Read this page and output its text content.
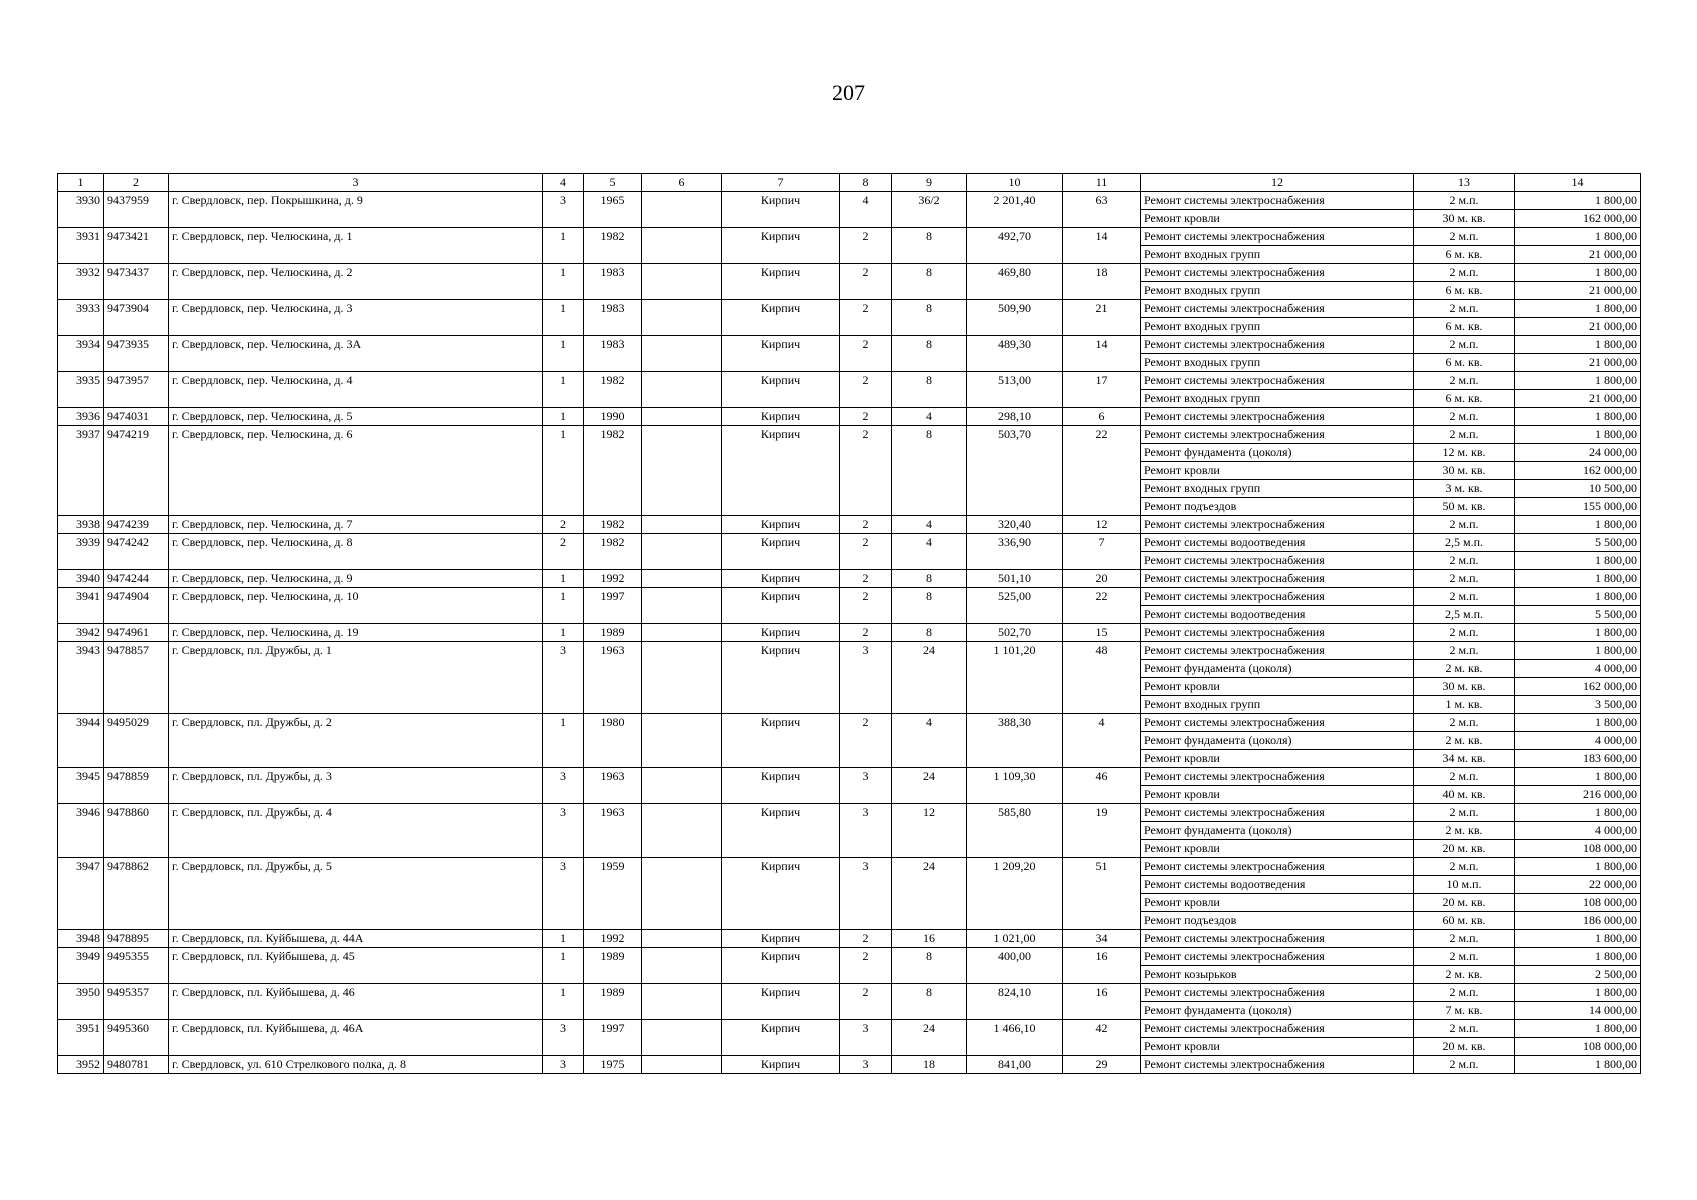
207
1	2	3	4	5	6	7	8	9	10	11	12	13	14
3930	9437959	г. Свердловск, пер. Покрышкина, д. 9	3	1965		Кирпич	4	36/2	2 201,40	63	Ремонт системы электроснабжения	2 м.п.	1 800,00
											Ремонт кровли	30 м. кв.	162 000,00
3931	9473421	г. Свердловск, пер. Челюскина, д. 1	1	1982		Кирпич	2	8	492,70	14	Ремонт системы электроснабжения	2 м.п.	1 800,00
											Ремонт входных групп	6 м. кв.	21 000,00
3932	9473437	г. Свердловск, пер. Челюскина, д. 2	1	1983		Кирпич	2	8	469,80	18	Ремонт системы электроснабжения	2 м.п.	1 800,00
											Ремонт входных групп	6 м. кв.	21 000,00
3933	9473904	г. Свердловск, пер. Челюскина, д. 3	1	1983		Кирпич	2	8	509,90	21	Ремонт системы электроснабжения	2 м.п.	1 800,00
											Ремонт входных групп	6 м. кв.	21 000,00
3934	9473935	г. Свердловск, пер. Челюскина, д. 3А	1	1983		Кирпич	2	8	489,30	14	Ремонт системы электроснабжения	2 м.п.	1 800,00
											Ремонт входных групп	6 м. кв.	21 000,00
3935	9473957	г. Свердловск, пер. Челюскина, д. 4	1	1982		Кирпич	2	8	513,00	17	Ремонт системы электроснабжения	2 м.п.	1 800,00
											Ремонт входных групп	6 м. кв.	21 000,00
3936	9474031	г. Свердловск, пер. Челюскина, д. 5	1	1990		Кирпич	2	4	298,10	6	Ремонт системы электроснабжения	2 м.п.	1 800,00
3937	9474219	г. Свердловск, пер. Челюскина, д. 6	1	1982		Кирпич	2	8	503,70	22	Ремонт системы электроснабжения	2 м.п.	1 800,00
											Ремонт фундамента (цоколя)	12 м. кв.	24 000,00
											Ремонт кровли	30 м. кв.	162 000,00
											Ремонт входных групп	3 м. кв.	10 500,00
											Ремонт подъездов	50 м. кв.	155 000,00
3938	9474239	г. Свердловск, пер. Челюскина, д. 7	2	1982		Кирпич	2	4	320,40	12	Ремонт системы электроснабжения	2 м.п.	1 800,00
3939	9474242	г. Свердловск, пер. Челюскина, д. 8	2	1982		Кирпич	2	4	336,90	7	Ремонт системы водоотведения	2,5 м.п.	5 500,00
											Ремонт системы электроснабжения	2 м.п.	1 800,00
3940	9474244	г. Свердловск, пер. Челюскина, д. 9	1	1992		Кирпич	2	8	501,10	20	Ремонт системы электроснабжения	2 м.п.	1 800,00
3941	9474904	г. Свердловск, пер. Челюскина, д. 10	1	1997		Кирпич	2	8	525,00	22	Ремонт системы электроснабжения	2 м.п.	1 800,00
											Ремонт системы водоотведения	2,5 м.п.	5 500,00
3942	9474961	г. Свердловск, пер. Челюскина, д. 19	1	1989		Кирпич	2	8	502,70	15	Ремонт системы электроснабжения	2 м.п.	1 800,00
3943	9478857	г. Свердловск, пл. Дружбы, д. 1	3	1963		Кирпич	3	24	1 101,20	48	Ремонт системы электроснабжения	2 м.п.	1 800,00
											Ремонт фундамента (цоколя)	2 м. кв.	4 000,00
											Ремонт кровли	30 м. кв.	162 000,00
											Ремонт входных групп	1 м. кв.	3 500,00
3944	9495029	г. Свердловск, пл. Дружбы, д. 2	1	1980		Кирпич	2	4	388,30	4	Ремонт системы электроснабжения	2 м.п.	1 800,00
											Ремонт фундамента (цоколя)	2 м. кв.	4 000,00
											Ремонт кровли	34 м. кв.	183 600,00
3945	9478859	г. Свердловск, пл. Дружбы, д. 3	3	1963		Кирпич	3	24	1 109,30	46	Ремонт системы электроснабжения	2 м.п.	1 800,00
											Ремонт кровли	40 м. кв.	216 000,00
3946	9478860	г. Свердловск, пл. Дружбы, д. 4	3	1963		Кирпич	3	12	585,80	19	Ремонт системы электроснабжения	2 м.п.	1 800,00
											Ремонт фундамента (цоколя)	2 м. кв.	4 000,00
											Ремонт кровли	20 м. кв.	108 000,00
3947	9478862	г. Свердловск, пл. Дружбы, д. 5	3	1959		Кирпич	3	24	1 209,20	51	Ремонт системы электроснабжения	2 м.п.	1 800,00
											Ремонт системы водоотведения	10 м.п.	22 000,00
											Ремонт кровли	20 м. кв.	108 000,00
											Ремонт подъездов	60 м. кв.	186 000,00
3948	9478895	г. Свердловск, пл. Куйбышева, д. 44А	1	1992		Кирпич	2	16	1 021,00	34	Ремонт системы электроснабжения	2 м.п.	1 800,00
3949	9495355	г. Свердловск, пл. Куйбышева, д. 45	1	1989		Кирпич	2	8	400,00	16	Ремонт системы электроснабжения	2 м.п.	1 800,00
											Ремонт козырьков	2 м. кв.	2 500,00
3950	9495357	г. Свердловск, пл. Куйбышева, д. 46	1	1989		Кирпич	2	8	824,10	16	Ремонт системы электроснабжения	2 м.п.	1 800,00
											Ремонт фундамента (цоколя)	7 м. кв.	14 000,00
3951	9495360	г. Свердловск, пл. Куйбышева, д. 46А	3	1997		Кирпич	3	24	1 466,10	42	Ремонт системы электроснабжения	2 м.п.	1 800,00
											Ремонт кровли	20 м. кв.	108 000,00
3952	9480781	г. Свердловск, ул. 610 Стрелкового полка, д. 8	3	1975		Кирпич	3	18	841,00	29	Ремонт системы электроснабжения	2 м.п.	1 800,00
